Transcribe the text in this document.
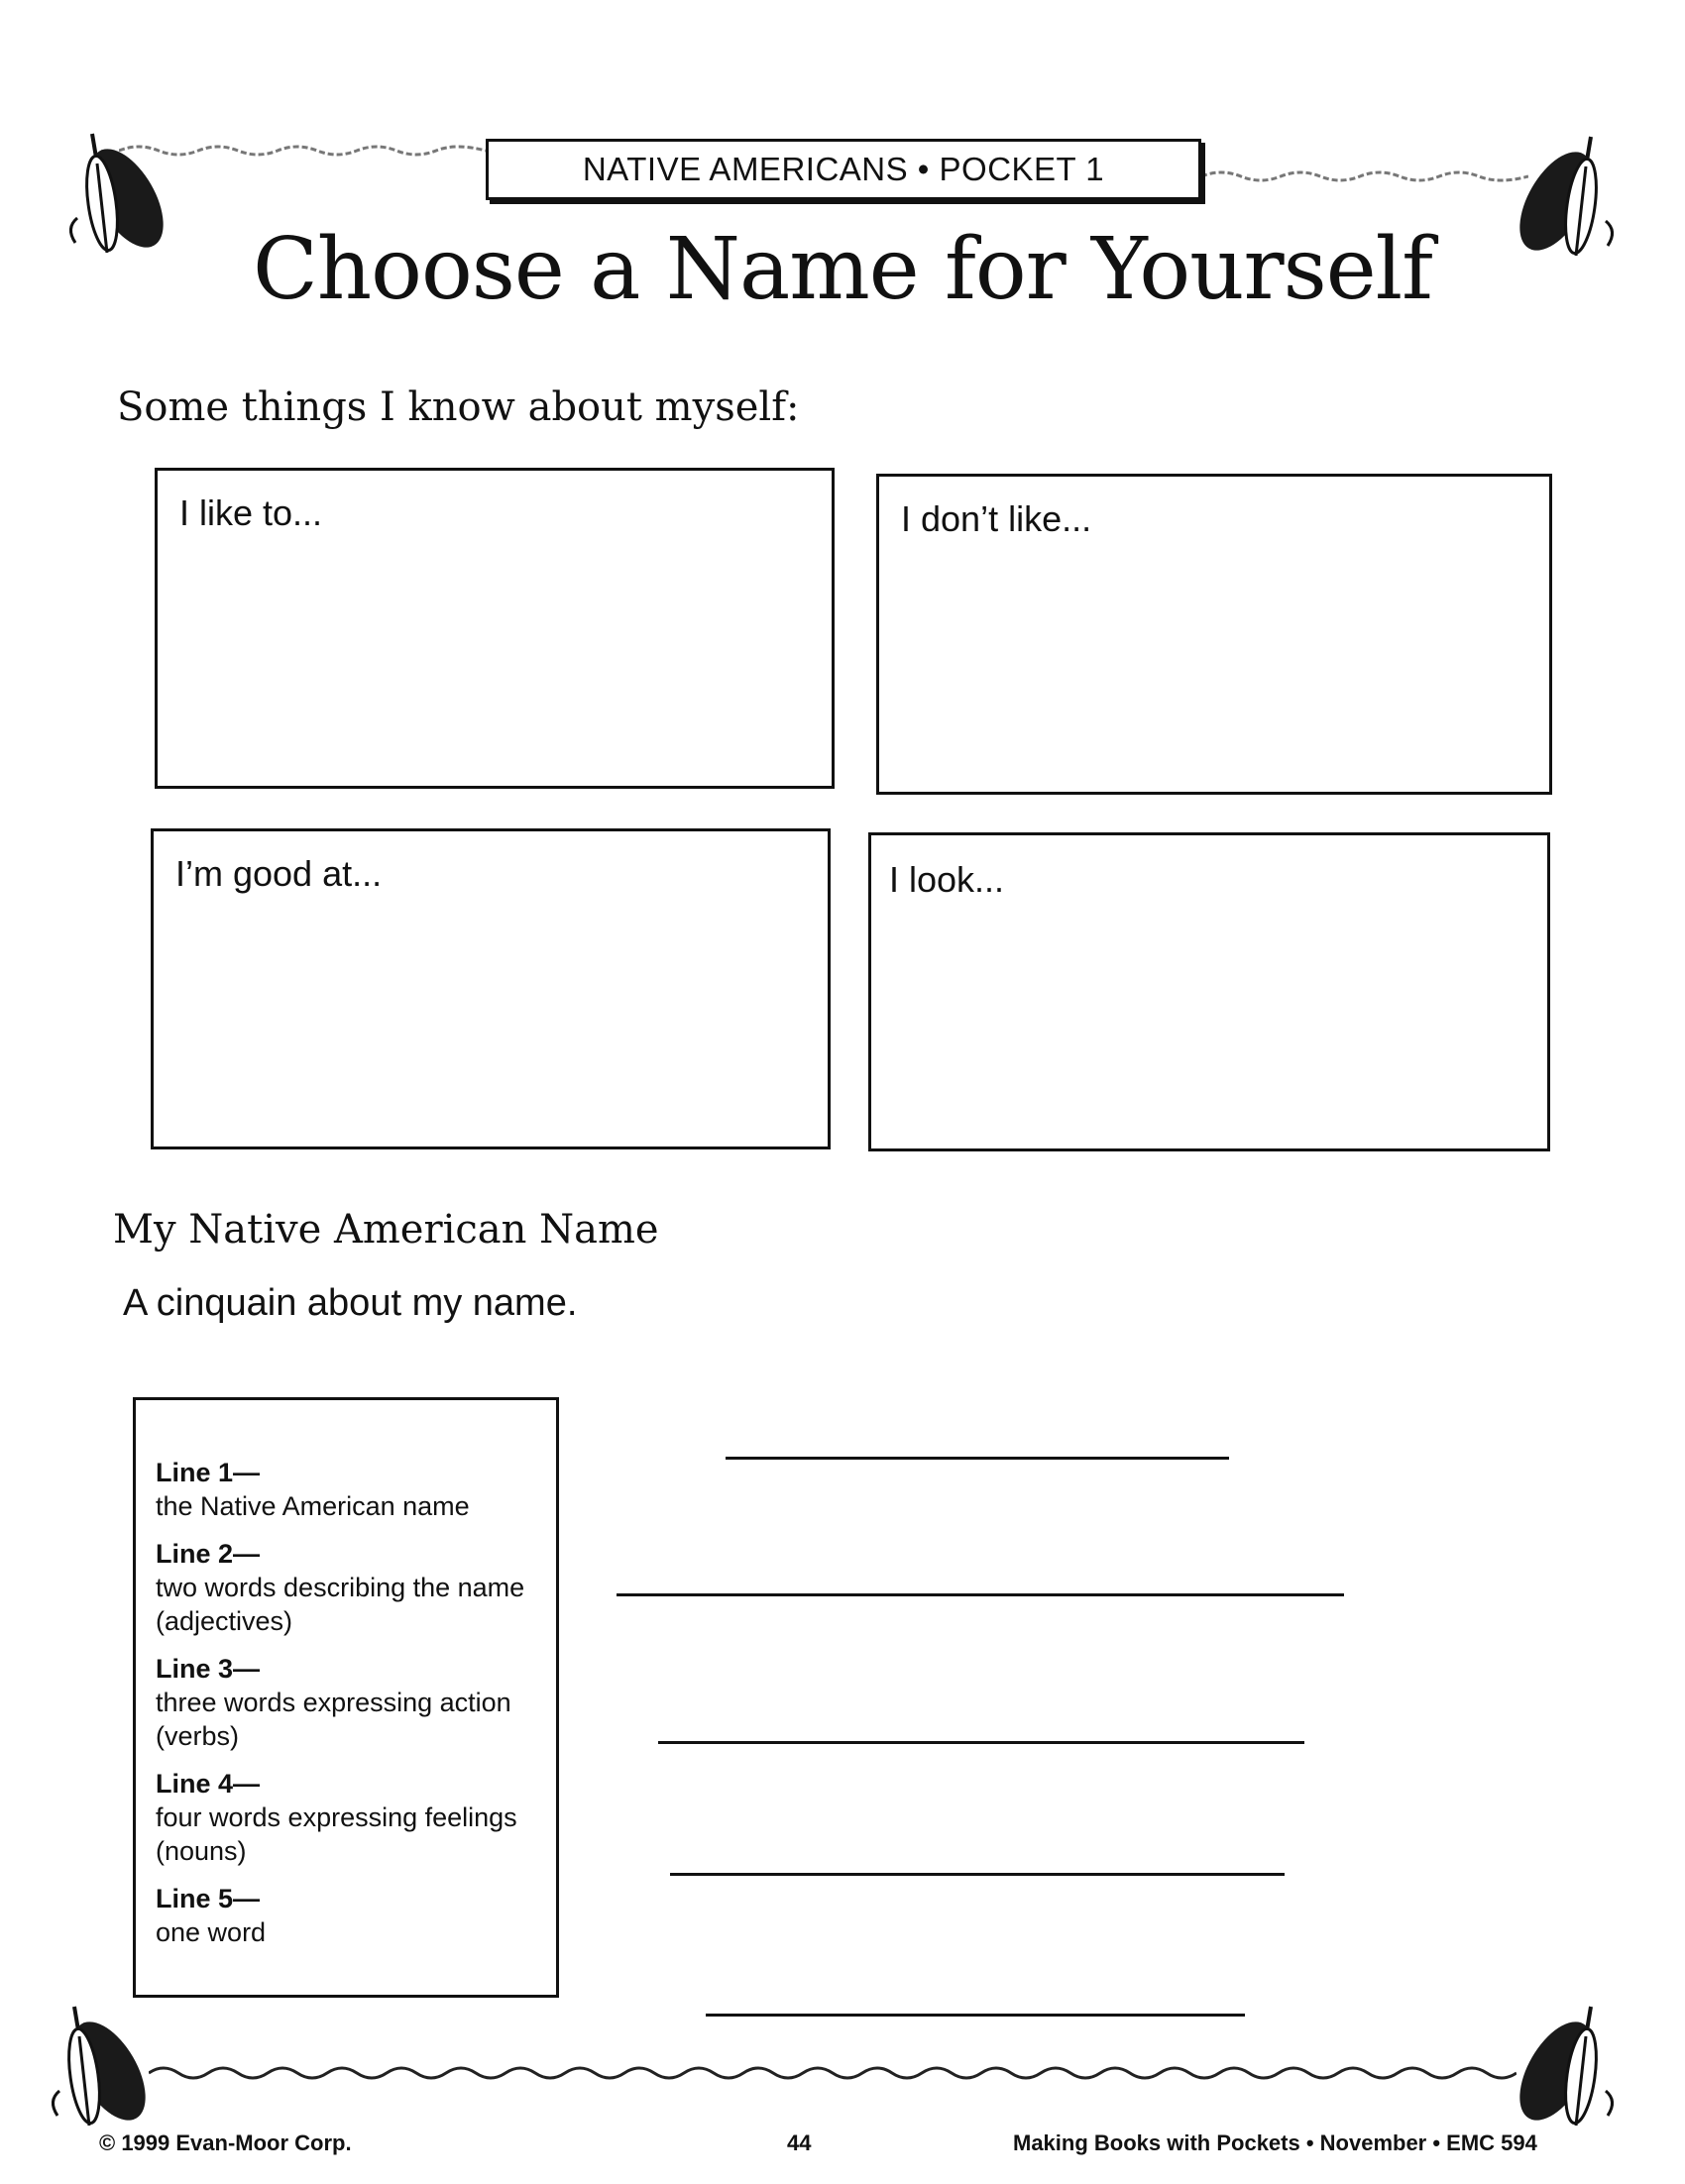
NATIVE AMERICANS • POCKET 1
Choose a Name for Yourself
Some things I know about myself:
I like to...	I don’t like...
I’m good at...	I look...
My Native American Name
A cinquain about my name.
Line 1—
the Native American name
Line 2—
two words describing the name
(adjectives)
Line 3—
three words expressing action
(verbs)
Line 4—
four words expressing feelings
(nouns)
Line 5—
one word
© 1999 Evan-Moor Corp.	44	Making Books with Pockets • November • EMC 594
